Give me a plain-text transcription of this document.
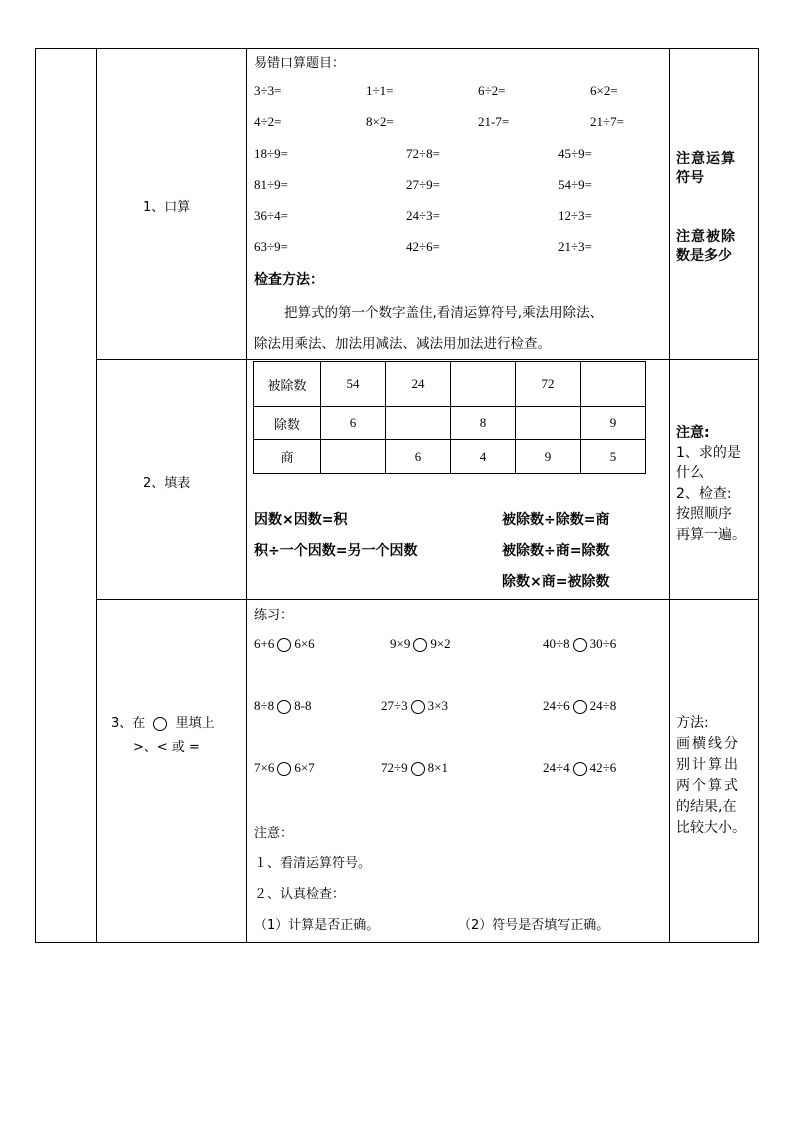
1、口算
易错口算题目：
3÷3=	1÷1=	6÷2=	6×2=
4÷2=	8×2=	21-7=	21÷7=
18÷9=	72÷8=	45÷9=
81÷9=	27÷9=	54÷9=
36÷4=	24÷3=	12÷3=
63÷9=	42÷6=	21÷3=
检查方法：
把算式的第一个数字盖住,看清运算符号,乘法用除法、
除法用乘法、加法用减法、减法用加法进行检查。
注意运算
符号
注意被除
数是多少
2、填表
被除数	54	24		72	
除数	6		8		9
商		6	4	9	5
因数×因数=积
积÷一个因数=另一个因数
被除数÷除数=商
被除数÷商=除数
除数×商=被除数
注意:
1、求的是
什么
2、检查:
按照顺序
再算一遍。
3、在 里填上
>、< 或 =
练习：
6+6 6×6	9×9 9×2	40÷8 30÷6
8÷8 8-8	27÷3 3×3	24÷6 24÷8
7×6 6×7	72÷9 8×1	24÷4 42÷6
注意：
１、看清运算符号。
２、认真检查：
（1）计算是否正确。	（2）符号是否填写正确。
方法:
画横线分
别计算出
两个算式
的结果,在
比较大小。
